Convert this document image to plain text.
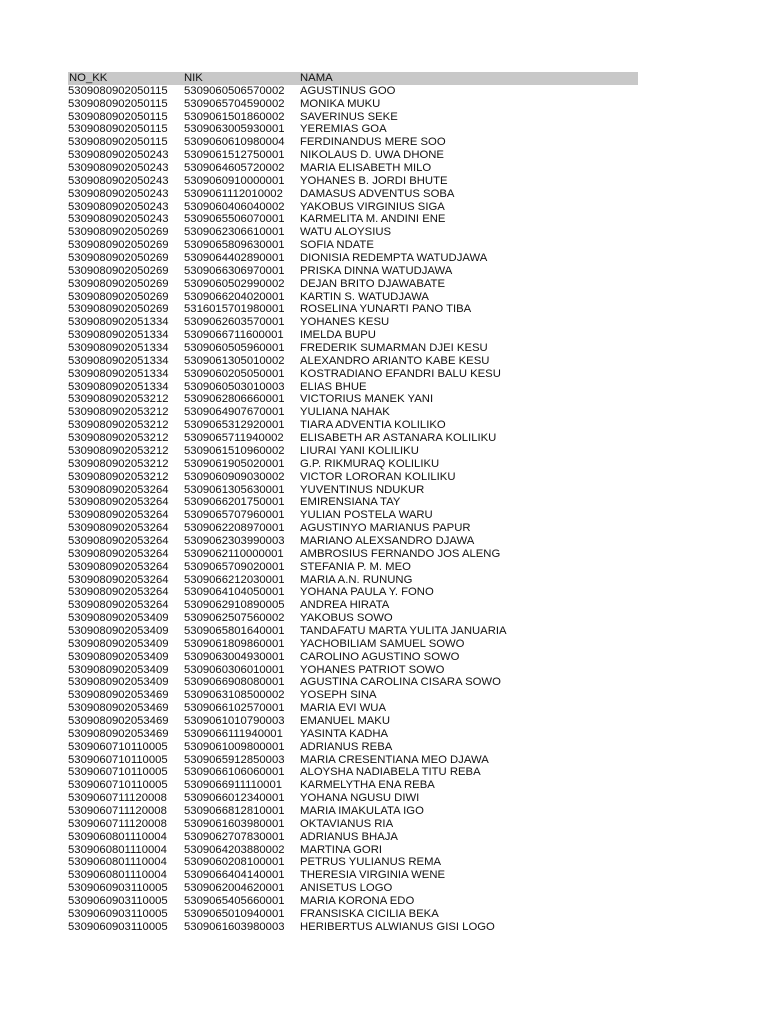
NO_KK	NIK	NAMA
5309080902050115	5309060506570002	AGUSTINUS GOO
5309080902050115	5309065704590002	MONIKA MUKU
5309080902050115	5309061501860002	SAVERINUS SEKE
5309080902050115	5309063005930001	YEREMIAS GOA
5309080902050115	5309060610980004	FERDINANDUS MERE SOO
5309080902050243	5309061512750001	NIKOLAUS D. UWA DHONE
5309080902050243	5309064605720002	MARIA ELISABETH MILO
5309080902050243	5309060910000001	YOHANES B. JORDI BHUTE
5309080902050243	5309061112010002	DAMASUS ADVENTUS SOBA
5309080902050243	5309060406040002	YAKOBUS VIRGINIUS SIGA
5309080902050243	5309065506070001	KARMELITA M. ANDINI ENE
5309080902050269	5309062306610001	WATU ALOYSIUS
5309080902050269	5309065809630001	SOFIA NDATE
5309080902050269	5309064402890001	DIONISIA REDEMPTA WATUDJAWA
5309080902050269	5309066306970001	PRISKA DINNA WATUDJAWA
5309080902050269	5309060502990002	DEJAN BRITO DJAWABATE
5309080902050269	5309066204020001	KARTIN S. WATUDJAWA
5309080902050269	5316015701980001	ROSELINA YUNARTI PANO TIBA
5309080902051334	5309062603570001	YOHANES KESU
5309080902051334	5309066711600001	IMELDA BUPU
5309080902051334	5309060505960001	FREDERIK SUMARMAN DJEI KESU
5309080902051334	5309061305010002	ALEXANDRO ARIANTO KABE KESU
5309080902051334	5309060205050001	KOSTRADIANO EFANDRI BALU KESU
5309080902051334	5309060503010003	ELIAS BHUE
5309080902053212	5309062806660001	VICTORIUS MANEK YANI
5309080902053212	5309064907670001	YULIANA NAHAK
5309080902053212	5309065312920001	TIARA ADVENTIA KOLILIKO
5309080902053212	5309065711940002	ELISABETH AR ASTANARA KOLILIKU
5309080902053212	5309061510960002	LIURAI YANI KOLILIKU
5309080902053212	5309061905020001	G.P. RIKMURAQ KOLILIKU
5309080902053212	5309060909030002	VICTOR LORORAN KOLILIKU
5309080902053264	5309061305630001	YUVENTINUS NDUKUR
5309080902053264	5309066201750001	EMIRENSIANA TAY
5309080902053264	5309065707960001	YULIAN POSTELA WARU
5309080902053264	5309062208970001	AGUSTINYO MARIANUS PAPUR
5309080902053264	5309062303990003	MARIANO ALEXSANDRO DJAWA
5309080902053264	5309062110000001	AMBROSIUS FERNANDO JOS ALENG
5309080902053264	5309065709020001	STEFANIA P. M. MEO
5309080902053264	5309066212030001	MARIA A.N. RUNUNG
5309080902053264	5309064104050001	YOHANA PAULA Y. FONO
5309080902053264	5309062910890005	ANDREA HIRATA
5309080902053409	5309062507560002	YAKOBUS SOWO
5309080902053409	5309065801640001	TANDAFATU MARTA YULITA JANUARIA
5309080902053409	5309061809860001	YACHOBILIAM SAMUEL SOWO
5309080902053409	5309063004930001	CAROLINO AGUSTINO SOWO
5309080902053409	5309060306010001	YOHANES PATRIOT SOWO
5309080902053409	5309066908080001	AGUSTINA CAROLINA CISARA SOWO
5309080902053469	5309063108500002	YOSEPH SINA
5309080902053469	5309066102570001	MARIA EVI WUA
5309080902053469	5309061010790003	EMANUEL MAKU
5309080902053469	5309066111940001	YASINTA KADHA
5309060710110005	5309061009800001	ADRIANUS REBA
5309060710110005	5309065912850003	MARIA CRESENTIANA MEO DJAWA
5309060710110005	5309066106060001	ALOYSHA NADIABELA TITU REBA
5309060710110005	5309066911110001	KARMELYTHA ENA REBA
5309060711120008	5309066012340001	YOHANA NGUSU DIWI
5309060711120008	5309066812810001	MARIA IMAKULATA IGO
5309060711120008	5309061603980001	OKTAVIANUS RIA
5309060801110004	5309062707830001	ADRIANUS BHAJA
5309060801110004	5309064203880002	MARTINA GORI
5309060801110004	5309060208100001	PETRUS YULIANUS REMA
5309060801110004	5309066404140001	THERESIA VIRGINIA WENE
5309060903110005	5309062004620001	ANISETUS LOGO
5309060903110005	5309065405660001	MARIA KORONA EDO
5309060903110005	5309065010940001	FRANSISKA CICILIA BEKA
5309060903110005	5309061603980003	HERIBERTUS ALWIANUS GISI LOGO
